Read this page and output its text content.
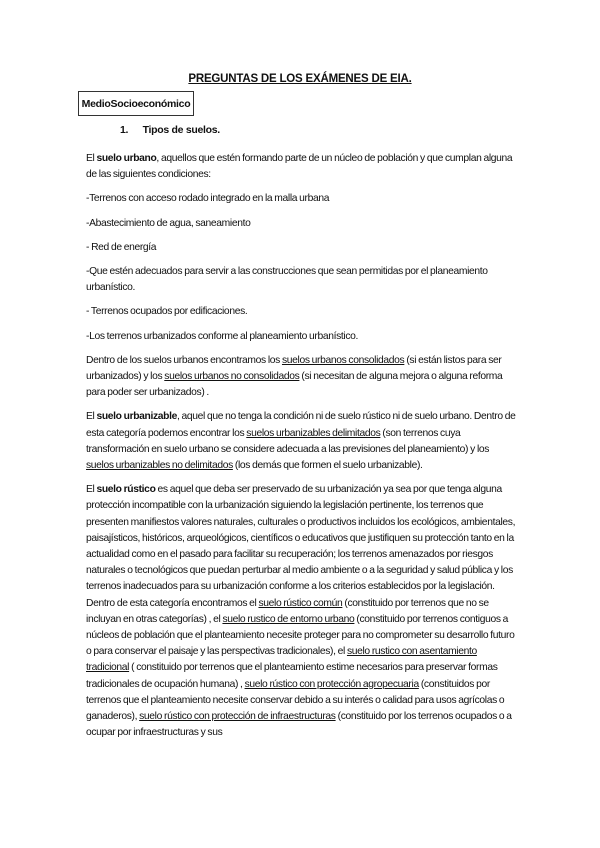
PREGUNTAS DE LOS EXÁMENES DE EIA.
MedioSocioeconómico
1. Tipos de suelos.

El suelo urbano, aquellos que estén formando parte de un núcleo de población y que cumplan alguna de las siguientes condiciones:

-Terrenos con acceso rodado integrado en la malla urbana

-Abastecimiento de agua, saneamiento

- Red de energía

-Que estén adecuados para servir a las construcciones que sean permitidas por el planeamiento urbanístico.

- Terrenos ocupados por edificaciones.

-Los terrenos urbanizados conforme al planeamiento urbanístico.

Dentro de los suelos urbanos encontramos los suelos urbanos consolidados (si están listos para ser urbanizados) y los suelos urbanos no consolidados (si necesitan de alguna mejora o alguna reforma para poder ser urbanizados) .

El suelo urbanizable, aquel que no tenga la condición ni de suelo rústico ni de suelo urbano. Dentro de esta categoría podemos encontrar los suelos urbanizables delimitados (son terrenos cuya transformación en suelo urbano se considere adecuada a las previsiones del planeamiento) y los suelos urbanizables no delimitados (los demás que formen el suelo urbanizable).

El suelo rústico es aquel que deba ser preservado de su urbanización ya sea por que tenga alguna protección incompatible con la urbanización siguiendo la legislación pertinente, los terrenos que presenten manifiestos valores naturales, culturales o productivos incluidos los ecológicos, ambientales, paisajísticos, históricos, arqueológicos, científicos o educativos que justifiquen su protección tanto en la actualidad como en el pasado para facilitar su recuperación; los terrenos amenazados por riesgos naturales o tecnológicos que puedan perturbar al medio ambiente o a la seguridad y salud pública y los terrenos inadecuados para su urbanización conforme a los criterios establecidos por la legislación. Dentro de esta categoría encontramos el suelo rústico común (constituido por terrenos que no se incluyan en otras categorías) , el suelo rustico de entorno urbano (constituido por terrenos contiguos a núcleos de población que el planteamiento necesite proteger para no comprometer su desarrollo futuro o para conservar el paisaje y las perspectivas tradicionales), el suelo rustico con asentamiento tradicional ( constituido por terrenos que el planteamiento estime necesarios para preservar formas tradicionales de ocupación humana) , suelo rústico con protección agropecuaria (constituidos por terrenos que el planteamiento necesite conservar debido a su interés o calidad para usos agrícolas o ganaderos), suelo rústico con protección de infraestructuras (constituido por los terrenos ocupados o a ocupar por infraestructuras y sus
